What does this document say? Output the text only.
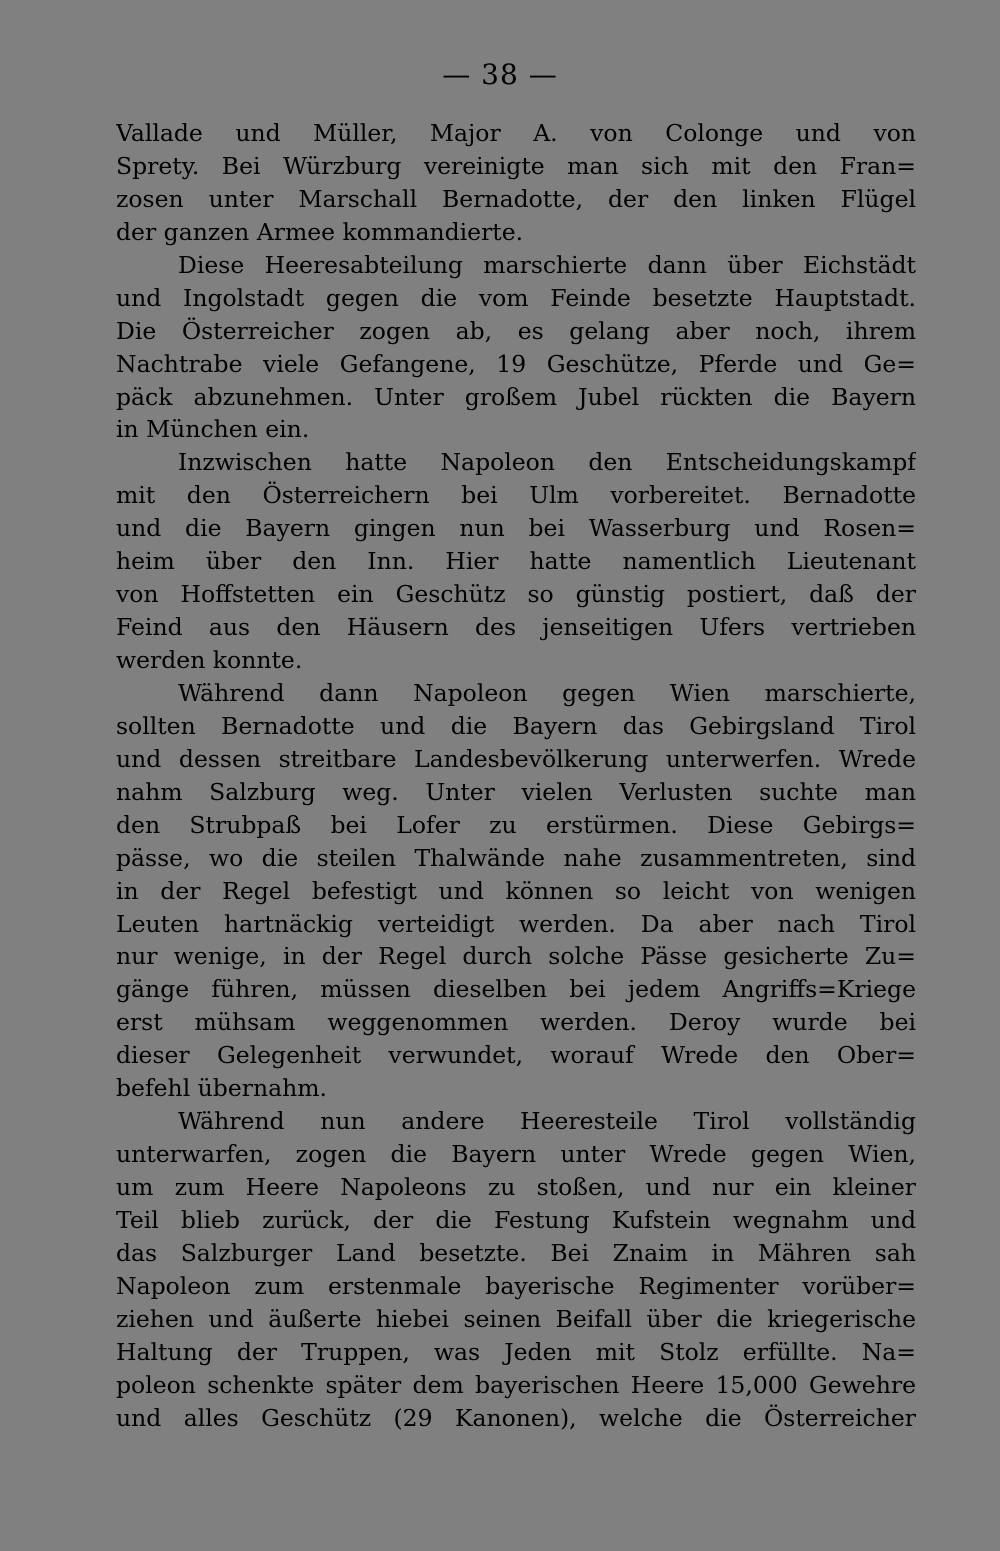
— 38 —
Vallade und Müller, Major A. von Colonge und von
Sprety. Bei Würzburg vereinigte man sich mit den Fran=
zosen unter Marschall Bernadotte, der den linken Flügel
der ganzen Armee kommandierte.
Diese Heeresabteilung marschierte dann über Eichstädt
und Ingolstadt gegen die vom Feinde besetzte Hauptstadt.
Die Österreicher zogen ab, es gelang aber noch, ihrem
Nachtrabe viele Gefangene, 19 Geschütze, Pferde und Ge=
päck abzunehmen. Unter großem Jubel rückten die Bayern
in München ein.
Inzwischen hatte Napoleon den Entscheidungskampf
mit den Österreichern bei Ulm vorbereitet. Bernadotte
und die Bayern gingen nun bei Wasserburg und Rosen=
heim über den Inn. Hier hatte namentlich Lieutenant
von Hoffstetten ein Geschütz so günstig postiert, daß der
Feind aus den Häusern des jenseitigen Ufers vertrieben
werden konnte.
Während dann Napoleon gegen Wien marschierte,
sollten Bernadotte und die Bayern das Gebirgsland Tirol
und dessen streitbare Landesbevölkerung unterwerfen. Wrede
nahm Salzburg weg. Unter vielen Verlusten suchte man
den Strubpaß bei Lofer zu erstürmen. Diese Gebirgs=
pässe, wo die steilen Thalwände nahe zusammentreten, sind
in der Regel befestigt und können so leicht von wenigen
Leuten hartnäckig verteidigt werden. Da aber nach Tirol
nur wenige, in der Regel durch solche Pässe gesicherte Zu=
gänge führen, müssen dieselben bei jedem Angriffs=Kriege
erst mühsam weggenommen werden. Deroy wurde bei
dieser Gelegenheit verwundet, worauf Wrede den Ober=
befehl übernahm.
Während nun andere Heeresteile Tirol vollständig
unterwarfen, zogen die Bayern unter Wrede gegen Wien,
um zum Heere Napoleons zu stoßen, und nur ein kleiner
Teil blieb zurück, der die Festung Kufstein wegnahm und
das Salzburger Land besetzte. Bei Znaim in Mähren sah
Napoleon zum erstenmale bayerische Regimenter vorüber=
ziehen und äußerte hiebei seinen Beifall über die kriegerische
Haltung der Truppen, was Jeden mit Stolz erfüllte. Na=
poleon schenkte später dem bayerischen Heere 15,000 Gewehre
und alles Geschütz (29 Kanonen), welche die Österreicher
